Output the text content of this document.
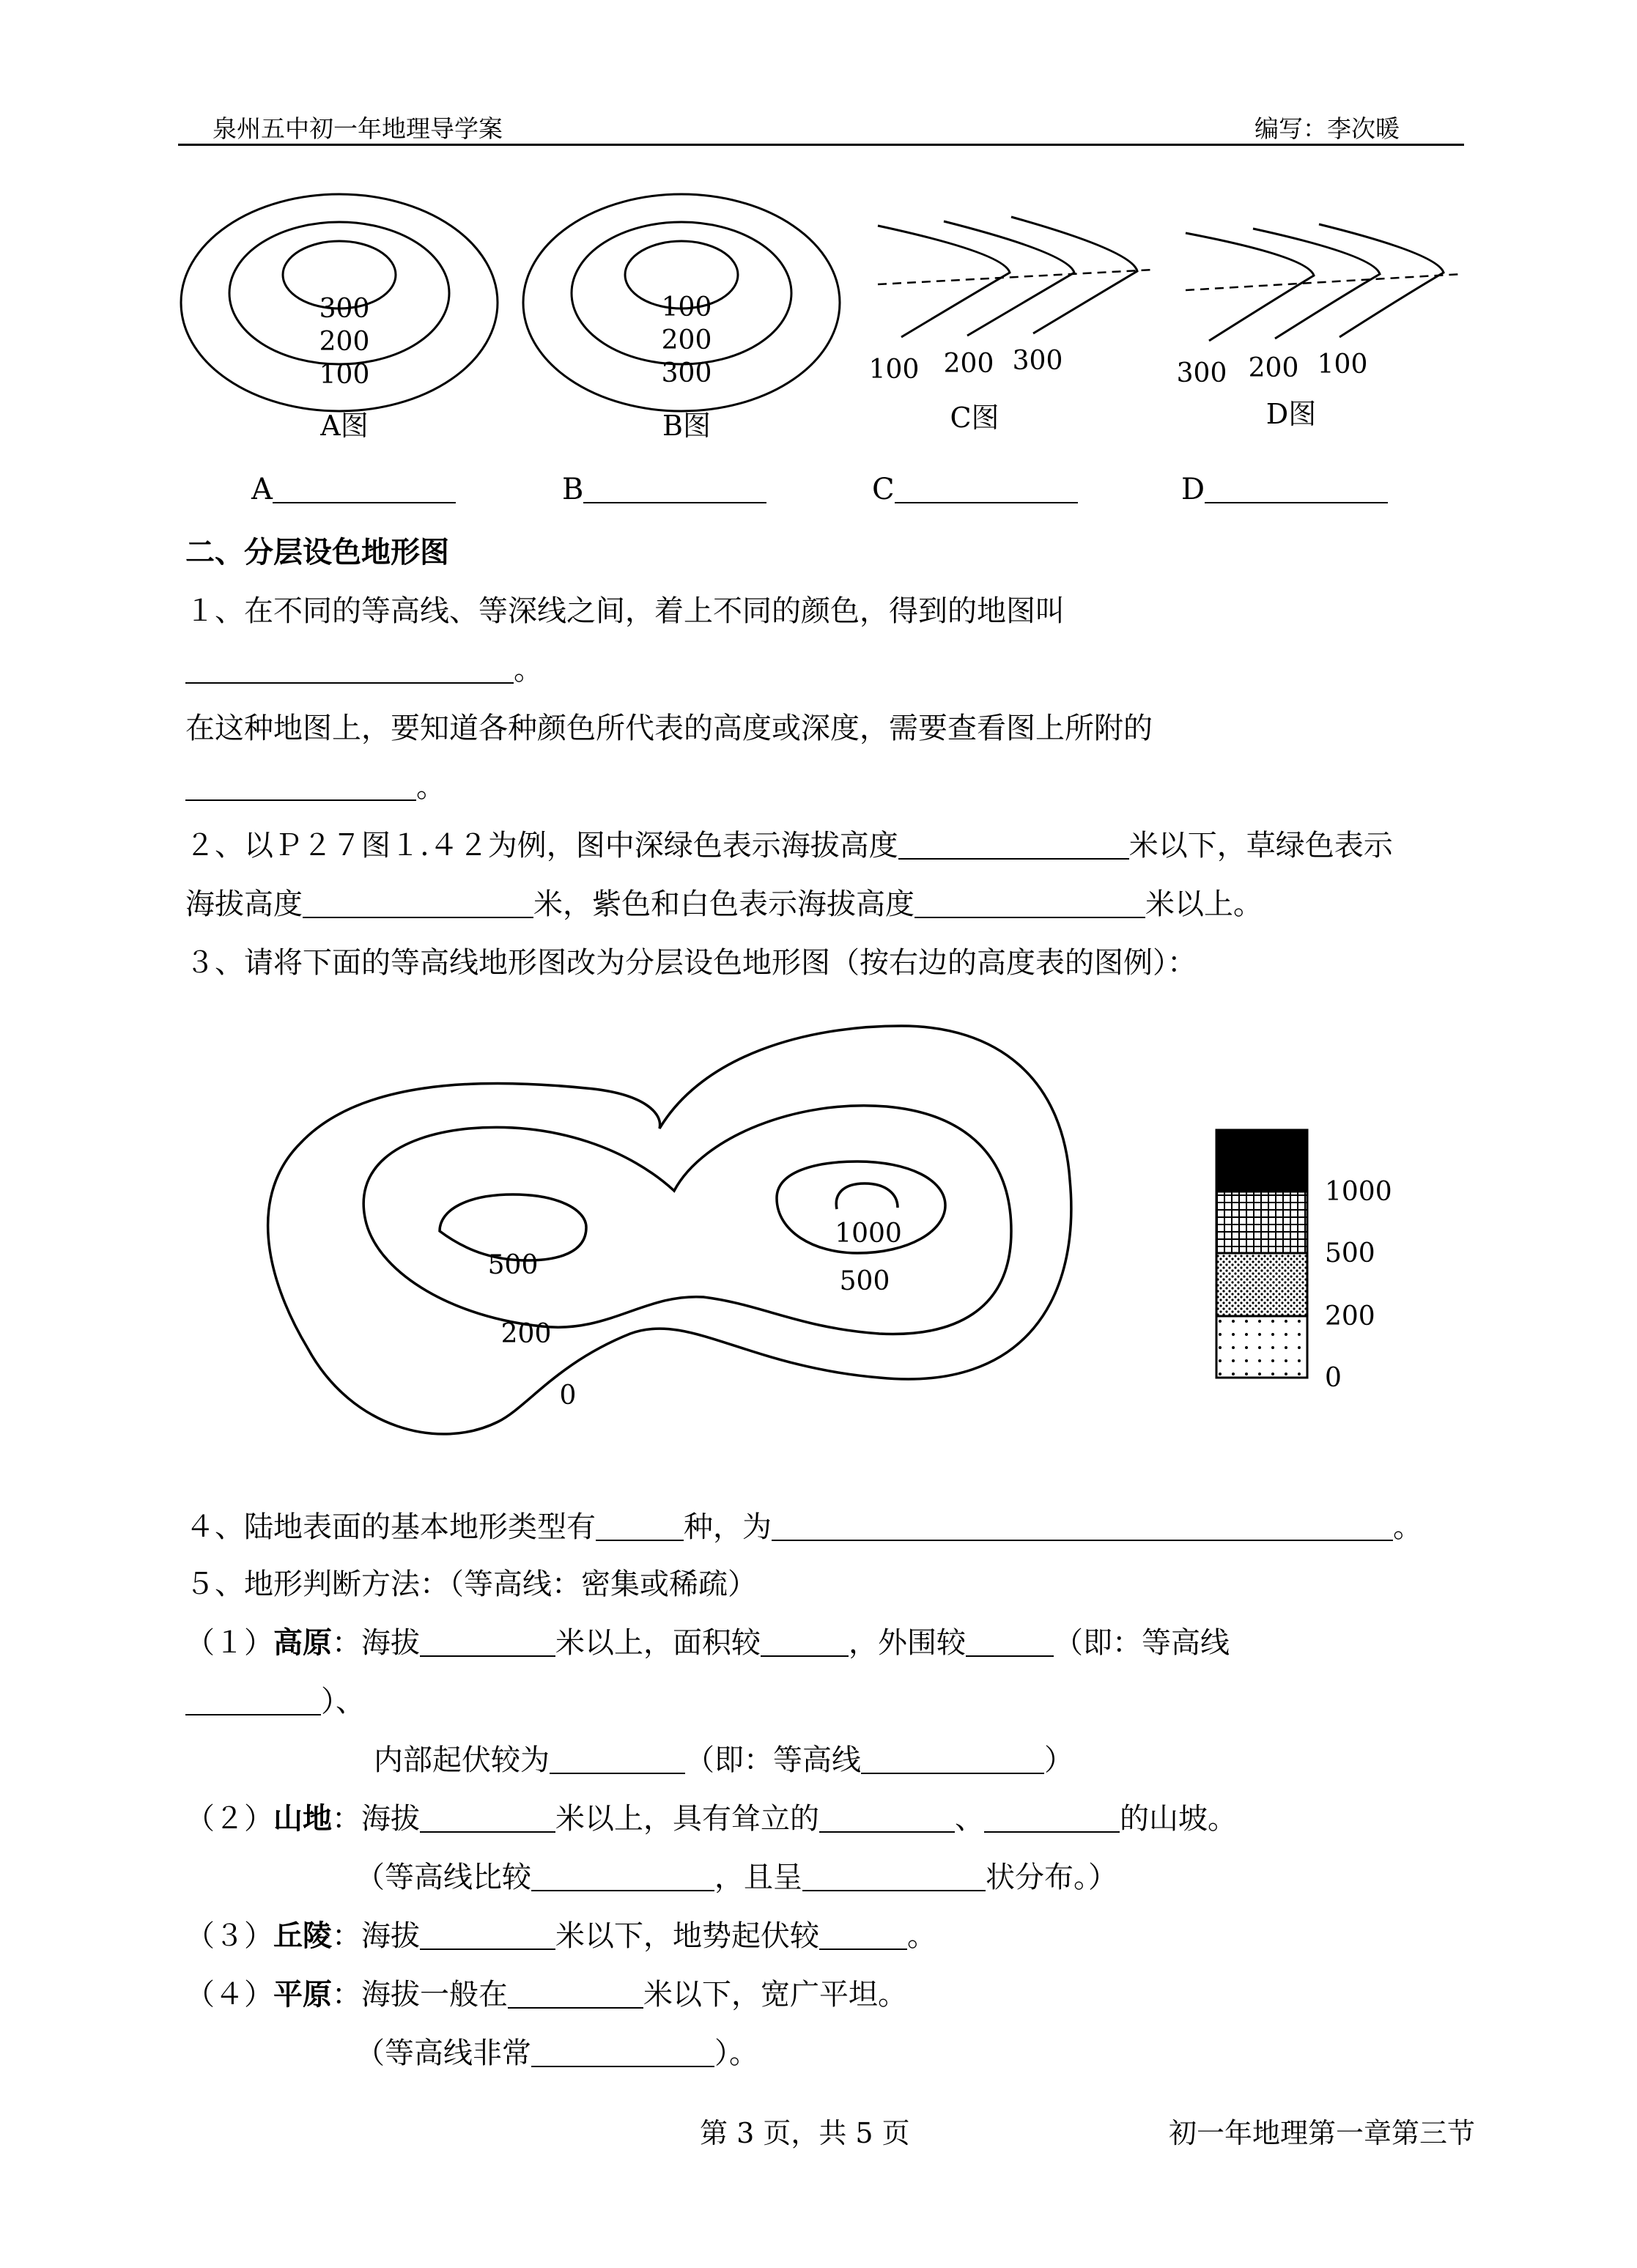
泉州五中初一年地理导学案	编写：李次暖
300
200
100
A图
100
200
300
B图
100 200 300
C图
300 200 100
D图
A	B	C	D
二、分层设色地形图
１、在不同的等高线、等深线之间，着上不同的颜色，得到的地图叫
。
在这种地图上，要知道各种颜色所代表的高度或深度，需要查看图上所附的
。
２、以Ｐ２７图１.４２为例，图中深绿色表示海拔高度	米以下，草绿色表示
海拔高度	米，紫色和白色表示海拔高度	米以上。
３、请将下面的等高线地形图改为分层设色地形图（按右边的高度表的图例）：
500
1000
500
200
0
1000
500
200
0
４、陆地表面的基本地形类型有	种，为	。
５、地形判断方法：（等高线：密集或稀疏）
（１）高原：海拔	米以上，面积较	，外围较	（即：等高线
）、
内部起伏较为	（即：等高线	）
（２）山地：海拔	米以上，具有耸立的	、	的山坡。
（等高线比较	，且呈	状分布。）
（３）丘陵：海拔	米以下，地势起伏较	。
（４）平原：海拔一般在	米以下，宽广平坦。
（等高线非常	）。
第 3 页，共 5 页	初一年地理第一章第三节
